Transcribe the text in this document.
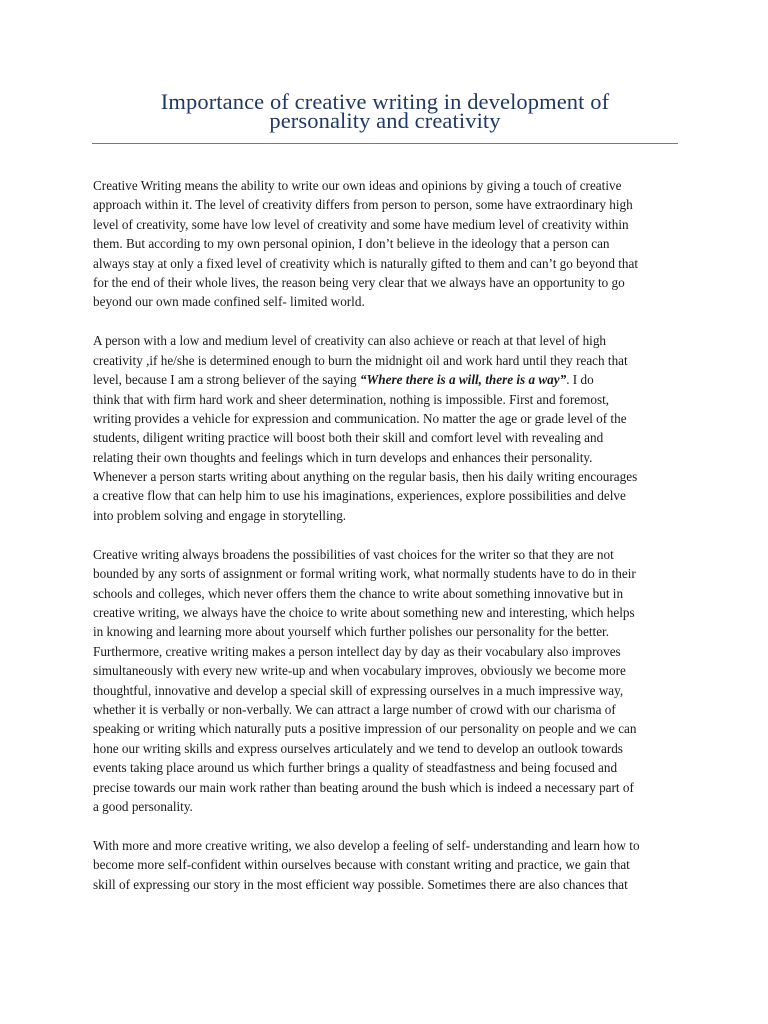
Importance of creative writing in development of
personality and creativity

Creative Writing means the ability to write our own ideas and opinions by giving a touch of creative
approach within it. The level of creativity differs from person to person, some have extraordinary high
level of creativity, some have low level of creativity and some have medium level of creativity within
them. But according to my own personal opinion, I don’t believe in the ideology that a person can
always stay at only a fixed level of creativity which is naturally gifted to them and can’t go beyond that
for the end of their whole lives, the reason being very clear that we always have an opportunity to go
beyond our own made confined self- limited world.

A person with a low and medium level of creativity can also achieve or reach at that level of high
creativity ,if he/she is determined enough to burn the midnight oil and work hard until they reach that
level, because I am a strong believer of the saying “Where there is a will, there is a way”. I do
think that with firm hard work and sheer determination, nothing is impossible. First and foremost,
writing provides a vehicle for expression and communication. No matter the age or grade level of the
students, diligent writing practice will boost both their skill and comfort level with revealing and
relating their own thoughts and feelings which in turn develops and enhances their personality.
Whenever a person starts writing about anything on the regular basis, then his daily writing encourages
a creative flow that can help him to use his imaginations, experiences, explore possibilities and delve
into problem solving and engage in storytelling.

Creative writing always broadens the possibilities of vast choices for the writer so that they are not
bounded by any sorts of assignment or formal writing work, what normally students have to do in their
schools and colleges, which never offers them the chance to write about something innovative but in
creative writing, we always have the choice to write about something new and interesting, which helps
in knowing and learning more about yourself which further polishes our personality for the better.
Furthermore, creative writing makes a person intellect day by day as their vocabulary also improves
simultaneously with every new write-up and when vocabulary improves, obviously we become more
thoughtful, innovative and develop a special skill of expressing ourselves in a much impressive way,
whether it is verbally or non-verbally. We can attract a large number of crowd with our charisma of
speaking or writing which naturally puts a positive impression of our personality on people and we can
hone our writing skills and express ourselves articulately and we tend to develop an outlook towards
events taking place around us which further brings a quality of steadfastness and being focused and
precise towards our main work rather than beating around the bush which is indeed a necessary part of
a good personality.

With more and more creative writing, we also develop a feeling of self- understanding and learn how to
become more self-confident within ourselves because with constant writing and practice, we gain that
skill of expressing our story in the most efficient way possible. Sometimes there are also chances that
